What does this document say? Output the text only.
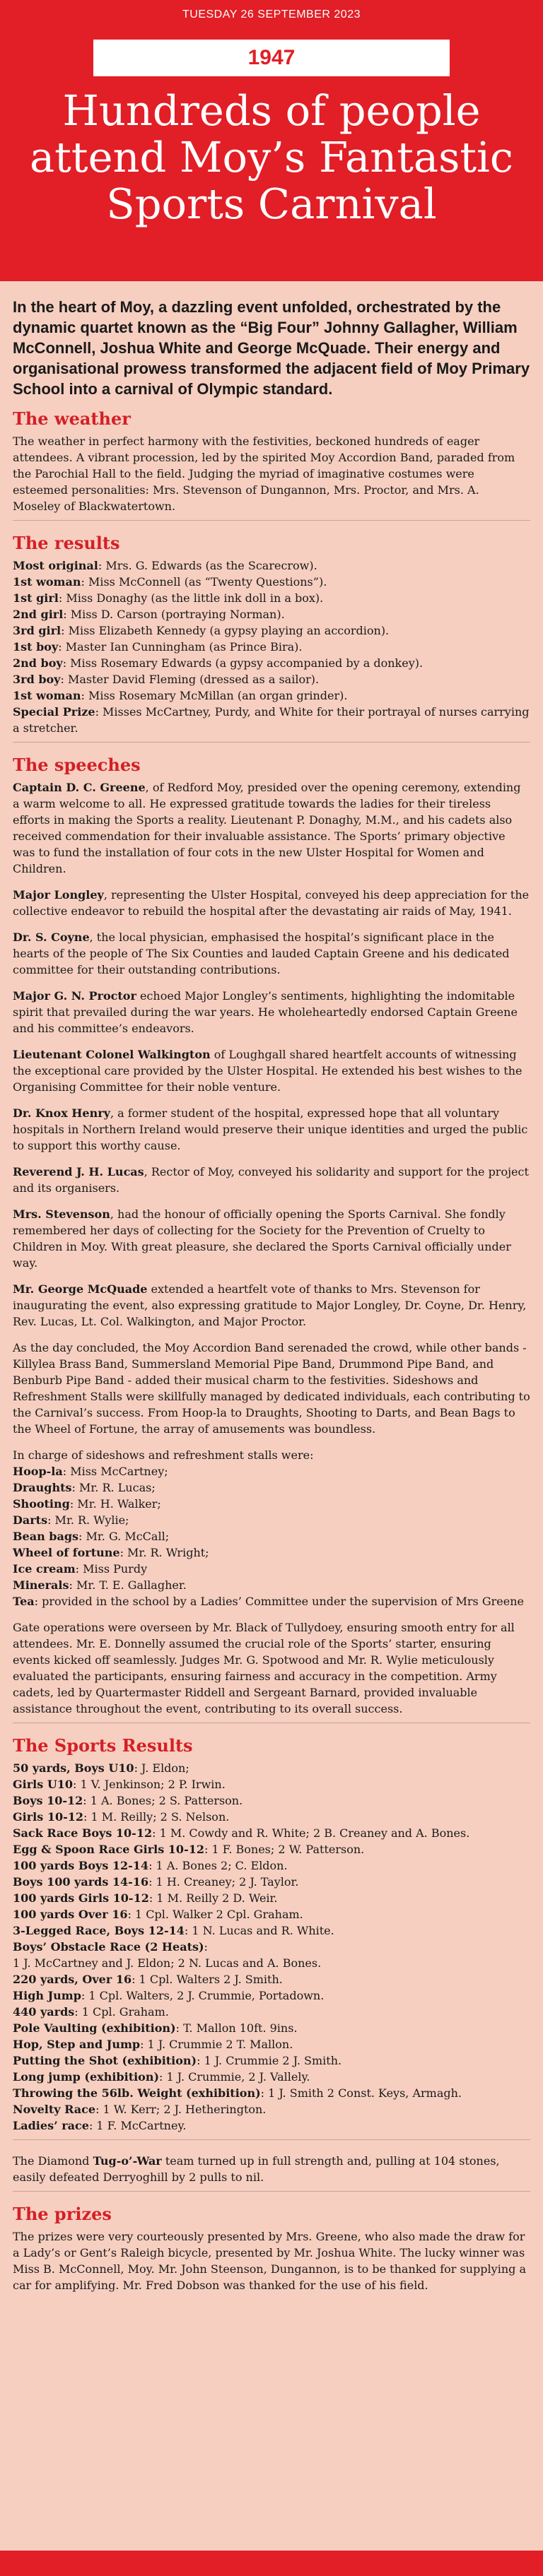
TUESDAY 26 SEPTEMBER 2023
1947
Hundreds of people attend Moy’s Fantastic Sports Carnival

In the heart of Moy, a dazzling event unfolded, orchestrated by the dynamic quartet known as the “Big Four” Johnny Gallagher, William McConnell, Joshua White and George McQuade. Their energy and organisational prowess transformed the adjacent field of Moy Primary School into a carnival of Olympic standard.

The weather

The weather in perfect harmony with the festivities, beckoned hundreds of eager attendees. A vibrant procession, led by the spirited Moy Accordion Band, paraded from the Parochial Hall to the field. Judging the myriad of imaginative costumes were esteemed personalities: Mrs. Stevenson of Dungannon, Mrs. Proctor, and Mrs. A. Moseley of Blackwatertown.

The results
Most original: Mrs. G. Edwards (as the Scarecrow).
1st woman: Miss McConnell (as “Twenty Questions”).
1st girl: Miss Donaghy (as the little ink doll in a box).
2nd girl: Miss D. Carson (portraying Norman).
3rd girl: Miss Elizabeth Kennedy (a gypsy playing an accordion).
1st boy: Master Ian Cunningham (as Prince Bira).
2nd boy: Miss Rosemary Edwards (a gypsy accompanied by a donkey).
3rd boy: Master David Fleming (dressed as a sailor).
1st woman: Miss Rosemary McMillan (an organ grinder).
Special Prize: Misses McCartney, Purdy, and White for their portrayal of nurses carrying a stretcher.
The speeches
Captain D. C. Greene, of Redford Moy, presided over the opening ceremony, extending a warm welcome to all. He expressed gratitude towards the ladies for their tireless efforts in making the Sports a reality. Lieutenant P. Donaghy, M.M., and his cadets also received commendation for their invaluable assistance. The Sports’ primary objective was to fund the installation of four cots in the new Ulster Hospital for Women and Children.
Major Longley, representing the Ulster Hospital, conveyed his deep appreciation for the collective endeavor to rebuild the hospital after the devastating air raids of May, 1941.
Dr. S. Coyne, the local physician, emphasised the hospital’s significant place in the hearts of the people of The Six Counties and lauded Captain Greene and his dedicated committee for their outstanding contributions.
Major G. N. Proctor echoed Major Longley’s sentiments, highlighting the indomitable spirit that prevailed during the war years. He wholeheartedly endorsed Captain Greene and his committee’s endeavors.
Lieutenant Colonel Walkington of Loughgall shared heartfelt accounts of witnessing the exceptional care provided by the Ulster Hospital. He extended his best wishes to the Organising Committee for their noble venture.
Dr. Knox Henry, a former student of the hospital, expressed hope that all voluntary hospitals in Northern Ireland would preserve their unique identities and urged the public to support this worthy cause.
Reverend J. H. Lucas, Rector of Moy, conveyed his solidarity and support for the project and its organisers.
Mrs. Stevenson, had the honour of officially opening the Sports Carnival. She fondly remembered her days of collecting for the Society for the Prevention of Cruelty to Children in Moy. With great pleasure, she declared the Sports Carnival officially under way.
Mr. George McQuade extended a heartfelt vote of thanks to Mrs. Stevenson for inaugurating the event, also expressing gratitude to Major Longley, Dr. Coyne, Dr. Henry, Rev. Lucas, Lt. Col. Walkington, and Major Proctor.
As the day concluded, the Moy Accordion Band serenaded the crowd, while other bands - Killylea Brass Band, Summersland Memorial Pipe Band, Drummond Pipe Band, and Benburb Pipe Band - added their musical charm to the festivities. Sideshows and Refreshment Stalls were skillfully managed by dedicated individuals, each contributing to the Carnival’s success. From Hoop-la to Draughts, Shooting to Darts, and Bean Bags to the Wheel of Fortune, the array of amusements was boundless.
In charge of sideshows and refreshment stalls were:
Hoop-la: Miss McCartney;
Draughts: Mr. R. Lucas;
Shooting: Mr. H. Walker;
Darts: Mr. R. Wylie;
Bean bags: Mr. G. McCall;
Wheel of fortune: Mr. R. Wright;
Ice cream: Miss Purdy
Minerals: Mr. T. E. Gallagher.
Tea: provided in the school by a Ladies’ Committee under the supervision of Mrs Greene

Gate operations were overseen by Mr. Black of Tullydoey, ensuring smooth entry for all attendees. Mr. E. Donnelly assumed the crucial role of the Sports’ starter, ensuring events kicked off seamlessly. Judges Mr. G. Spotwood and Mr. R. Wylie meticulously evaluated the participants, ensuring fairness and accuracy in the competition. Army cadets, led by Quartermaster Riddell and Sergeant Barnard, provided invaluable assistance throughout the event, contributing to its overall success.

The Sports Results
50 yards, Boys U10: J. Eldon;
Girls U10: 1 V. Jenkinson; 2 P. Irwin.
Boys 10-12: 1 A. Bones; 2 S. Patterson.
Girls 10-12: 1 M. Reilly; 2 S. Nelson.
Sack Race Boys 10-12: 1 M. Cowdy and R. White; 2 B. Creaney and A. Bones.
Egg & Spoon Race Girls 10-12: 1 F. Bones; 2 W. Patterson.
100 yards Boys 12-14: 1 A. Bones 2; C. Eldon.
Boys 100 yards 14-16: 1 H. Creaney; 2 J. Taylor.
100 yards Girls 10-12: 1 M. Reilly 2 D. Weir.
100 yards Over 16: 1 Cpl. Walker 2 Cpl. Graham.
3-Legged Race, Boys 12-14: 1 N. Lucas and R. White.
Boys’ Obstacle Race (2 Heats):
1 J. McCartney and J. Eldon; 2 N. Lucas and A. Bones.
220 yards, Over 16: 1 Cpl. Walters 2 J. Smith.
High Jump: 1 Cpl. Walters, 2 J. Crummie, Portadown.
440 yards: 1 Cpl. Graham.
Pole Vaulting (exhibition): T. Mallon 10ft. 9ins.
Hop, Step and Jump: 1 J. Crummie 2 T. Mallon.
Putting the Shot (exhibition): 1 J. Crummie 2 J. Smith.
Long jump (exhibition): 1 J. Crummie, 2 J. Vallely.
Throwing the 56lb. Weight (exhibition): 1 J. Smith 2 Const. Keys, Armagh.
Novelty Race: 1 W. Kerr; 2 J. Hetherington.
Ladies’ race: 1 F. McCartney.

The Diamond Tug-o’-War team turned up in full strength and, pulling at 104 stones, easily defeated Derryoghill by 2 pulls to nil.

The prizes

The prizes were very courteously presented by Mrs. Greene, who also made the draw for a Lady’s or Gent’s Raleigh bicycle, presented by Mr. Joshua White. The lucky winner was Miss B. McConnell, Moy. Mr. John Steenson, Dungannon, is to be thanked for supplying a car for amplifying. Mr. Fred Dobson was thanked for the use of his field.
